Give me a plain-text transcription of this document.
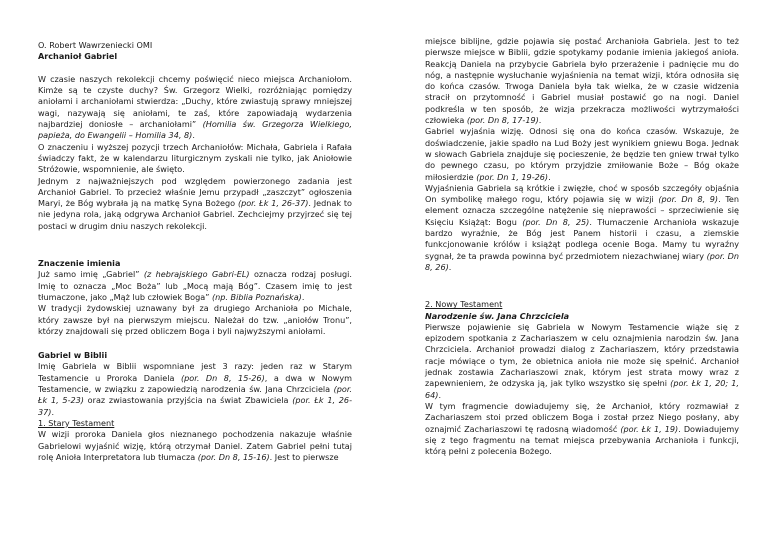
O. Robert Wawrzeniecki OMI

Archanioł Gabriel

W czasie naszych rekolekcji chcemy poświęcić nieco miejsca Archaniołom. Kimże są te czyste duchy? Św. Grzegorz Wielki, rozróżniając pomiędzy aniołami i archaniołami stwierdza: „Duchy, które zwiastują sprawy mniejszej wagi, nazywają się aniołami, te zaś, które zapowiadają wydarzenia najbardziej doniosłe – archaniołami” (Homilia św. Grzegorza Wielkiego, papieża, do Ewangelii – Homilia 34, 8).

O znaczeniu i wyższej pozycji trzech Archaniołów: Michała, Gabriela i Rafała świadczy fakt, że w kalendarzu liturgicznym zyskali nie tylko, jak Aniołowie Stróżowie, wspomnienie, ale święto.

Jednym z najważniejszych pod względem powierzonego zadania jest Archanioł Gabriel. To przecież właśnie Jemu przypadł „zaszczyt” ogłoszenia Maryi, że Bóg wybrała ją na matkę Syna Bożego (por. Łk 1, 26-37). Jednak to nie jedyna rola, jaką odgrywa Archanioł Gabriel. Zechciejmy przyjrzeć się tej postaci w drugim dniu naszych rekolekcji.

Znaczenie imienia

Już samo imię „Gabriel” (z hebrajskiego Gabri-EL) oznacza rodzaj posługi. Imię to oznacza „Moc Boża” lub „Mocą mają Bóg”. Czasem imię to jest tłumaczone, jako „Mąż lub człowiek Boga” (np. Biblia Poznańska).

W tradycji żydowskiej uznawany był za drugiego Archanioła po Michale, który zawsze był na pierwszym miejscu. Należał do tzw. „aniołów Tronu”, którzy znajdowali się przed obliczem Boga i byli najwyższymi aniołami.

Gabriel w Biblii

Imię Gabriela w Biblii wspomniane jest 3 razy: jeden raz w Starym Testamencie u Proroka Daniela (por. Dn 8, 15-26), a dwa w Nowym Testamencie, w związku z zapowiedzią narodzenia św. Jana Chrzciciela (por. Łk 1, 5-23) oraz zwiastowania przyjścia na świat Zbawiciela (por. Łk 1, 26-37).

1. Stary Testament

W wizji proroka Daniela głos nieznanego pochodzenia nakazuje właśnie Gabrielowi wyjaśnić wizję, którą otrzymał Daniel. Zatem Gabriel pełni tutaj rolę Anioła Interpretatora lub tłumacza (por. Dn 8, 15-16). Jest to pierwsze

miejsce biblijne, gdzie pojawia się postać Archanioła Gabriela. Jest to też pierwsze miejsce w Biblii, gdzie spotykamy podanie imienia jakiegoś anioła. Reakcją Daniela na przybycie Gabriela było przerażenie i padnięcie mu do nóg, a następnie wysłuchanie wyjaśnienia na temat wizji, która odnosiła się do końca czasów. Trwoga Daniela była tak wielka, że w czasie widzenia stracił on przytomność i Gabriel musiał postawić go na nogi. Daniel podkreśla w ten sposób, że wizja przekracza możliwości wytrzymałości człowieka (por. Dn 8, 17-19).

Gabriel wyjaśnia wizję. Odnosi się ona do końca czasów. Wskazuje, że doświadczenie, jakie spadło na Lud Boży jest wynikiem gniewu Boga. Jednak w słowach Gabriela znajduje się pocieszenie, że będzie ten gniew trwał tylko do pewnego czasu, po którym przyjdzie zmiłowanie Boże – Bóg okaże miłosierdzie (por. Dn 1, 19-26).

Wyjaśnienia Gabriela są krótkie i zwięzłe, choć w sposób szczegóły objaśnia On symbolikę małego rogu, który pojawia się w wizji (por. Dn 8, 9). Ten element oznacza szczególne natężenie się nieprawości – sprzeciwienie się Księciu Książąt: Bogu (por. Dn 8, 25). Tłumaczenie Archanioła wskazuje bardzo wyraźnie, że Bóg jest Panem historii i czasu, a ziemskie funkcjonowanie królów i książąt podlega ocenie Boga. Mamy tu wyraźny sygnał, że ta prawda powinna być przedmiotem niezachwianej wiary (por. Dn 8, 26).

2. Nowy Testament

Narodzenie św. Jana Chrzciciela

Pierwsze pojawienie się Gabriela w Nowym Testamencie wiąże się z epizodem spotkania z Zachariaszem w celu oznajmienia narodzin św. Jana Chrzciciela. Archanioł prowadzi dialog z Zachariaszem, który przedstawia racje mówiące o tym, że obietnica anioła nie może się spełnić. Archanioł jednak zostawia Zachariaszowi znak, którym jest strata mowy wraz z zapewnieniem, że odzyska ją, jak tylko wszystko się spełni (por. Łk 1, 20; 1, 64).

W tym fragmencie dowiadujemy się, że Archanioł, który rozmawiał z Zachariaszem stoi przed obliczem Boga i został przez Niego posłany, aby oznajmić Zachariaszowi tę radosną wiadomość (por. Łk 1, 19). Dowiadujemy się z tego fragmentu na temat miejsca przebywania Archanioła i funkcji, którą pełni z polecenia Bożego.
